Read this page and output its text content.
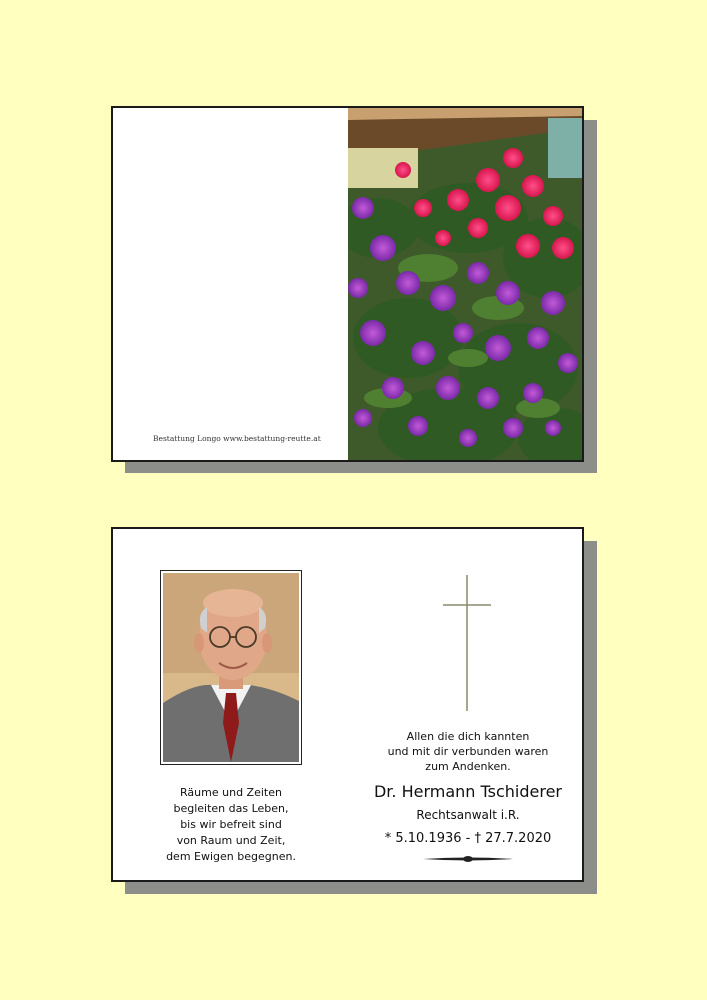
Bestattung Longo www.bestattung-reutte.at
Räume und Zeiten
begleiten das Leben,
bis wir befreit sind
von Raum und Zeit,
dem Ewigen begegnen.
Allen die dich kannten
und mit dir verbunden waren
zum Andenken.
Dr. Hermann Tschiderer
Rechtsanwalt i.R.
* 5.10.1936 - † 27.7.2020
